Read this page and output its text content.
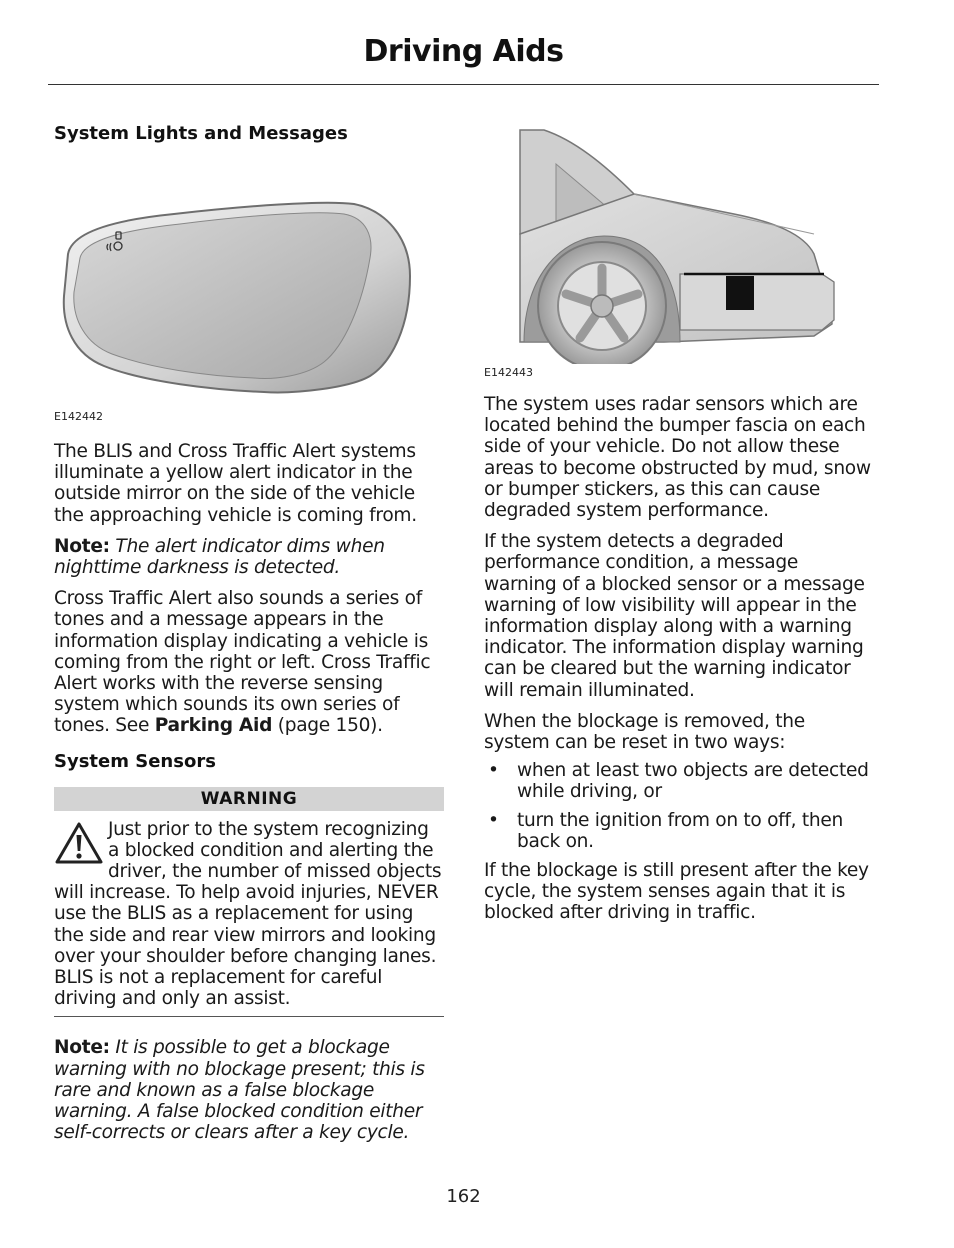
Driving Aids
System Lights and Messages

E142442

The BLIS and Cross Traffic Alert systems illuminate a yellow alert indicator in the outside mirror on the side of the vehicle the approaching vehicle is coming from.

Note: The alert indicator dims when nighttime darkness is detected.

Cross Traffic Alert also sounds a series of tones and a message appears in the information display indicating a vehicle is coming from the right or left. Cross Traffic Alert works with the reverse sensing system which sounds its own series of tones. See Parking Aid (page 150).

System Sensors
WARNING

Just prior to the system recognizing a blocked condition and alerting the driver, the number of missed objects will increase. To help avoid injuries, NEVER use the BLIS as a replacement for using the side and rear view mirrors and looking over your shoulder before changing lanes. BLIS is not a replacement for careful driving and only an assist.

Note: It is possible to get a blockage warning with no blockage present; this is rare and known as a false blockage warning. A false blocked condition either self-corrects or clears after a key cycle.

E142443

The system uses radar sensors which are located behind the bumper fascia on each side of your vehicle. Do not allow these areas to become obstructed by mud, snow or bumper stickers, as this can cause degraded system performance.

If the system detects a degraded performance condition, a message warning of a blocked sensor or a message warning of low visibility will appear in the information display along with a warning indicator. The information display warning can be cleared but the warning indicator will remain illuminated.

When the blockage is removed, the system can be reset in two ways:

• when at least two objects are detected while driving, or
• turn the ignition from on to off, then back on.

If the blockage is still present after the key cycle, the system senses again that it is blocked after driving in traffic.

162
